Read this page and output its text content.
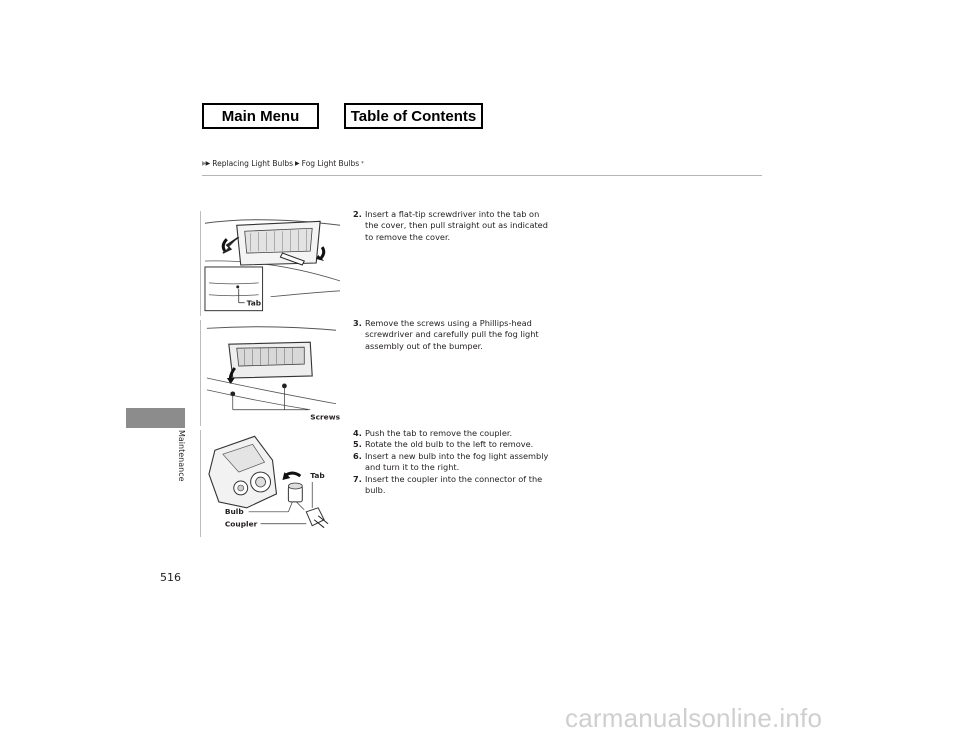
Main Menu	Table of Contents
▶ ▶ Replacing Light Bulbs ▶ Fog Light Bulbs *
Maintenance
Tab
Screws
Tab
Bulb
Coupler
2. Insert a flat-tip screwdriver into the tab on the cover, then pull straight out as indicated to remove the cover.
3. Remove the screws using a Phillips-head screwdriver and carefully pull the fog light assembly out of the bumper.
4. Push the tab to remove the coupler.
5. Rotate the old bulb to the left to remove.
6. Insert a new bulb into the fog light assembly and turn it to the right.
7. Insert the coupler into the connector of the bulb.
516
carmanualsonline.info
